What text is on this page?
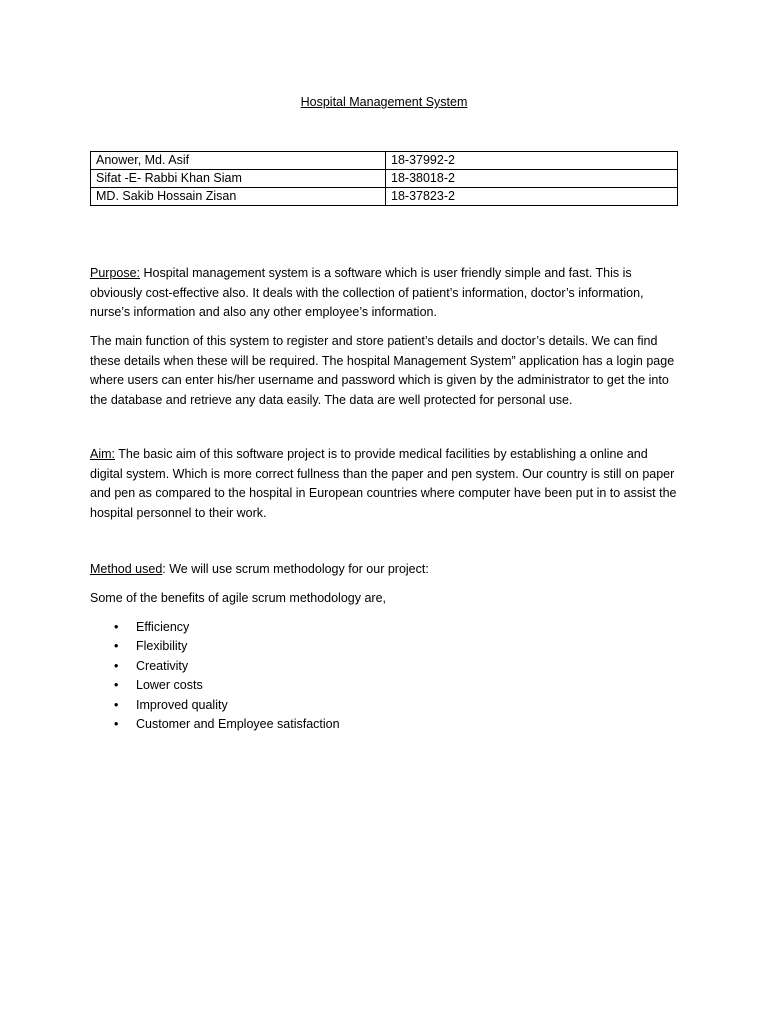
Hospital Management System
Anower, Md. Asif	18-37992-2
Sifat -E- Rabbi Khan Siam	18-38018-2
MD. Sakib Hossain Zisan	18-37823-2

Purpose: Hospital management system is a software which is user friendly simple and fast. This is obviously cost-effective also. It deals with the collection of patient’s information, doctor’s information, nurse’s information and also any other employee’s information.

The main function of this system to register and store patient’s details and doctor’s details. We can find these details when these will be required. The hospital Management System” application has a login page where users can enter his/her username and password which is given by the administrator to get the into the database and retrieve any data easily. The data are well protected for personal use.

Aim: The basic aim of this software project is to provide medical facilities by establishing a online and digital system. Which is more correct fullness than the paper and pen system. Our country is still on paper and pen as compared to the hospital in European countries where computer have been put in to assist the hospital personnel to their work.

Method used: We will use scrum methodology for our project:

Some of the benefits of agile scrum methodology are,

• Efficiency
• Flexibility
• Creativity
• Lower costs
• Improved quality
• Customer and Employee satisfaction
